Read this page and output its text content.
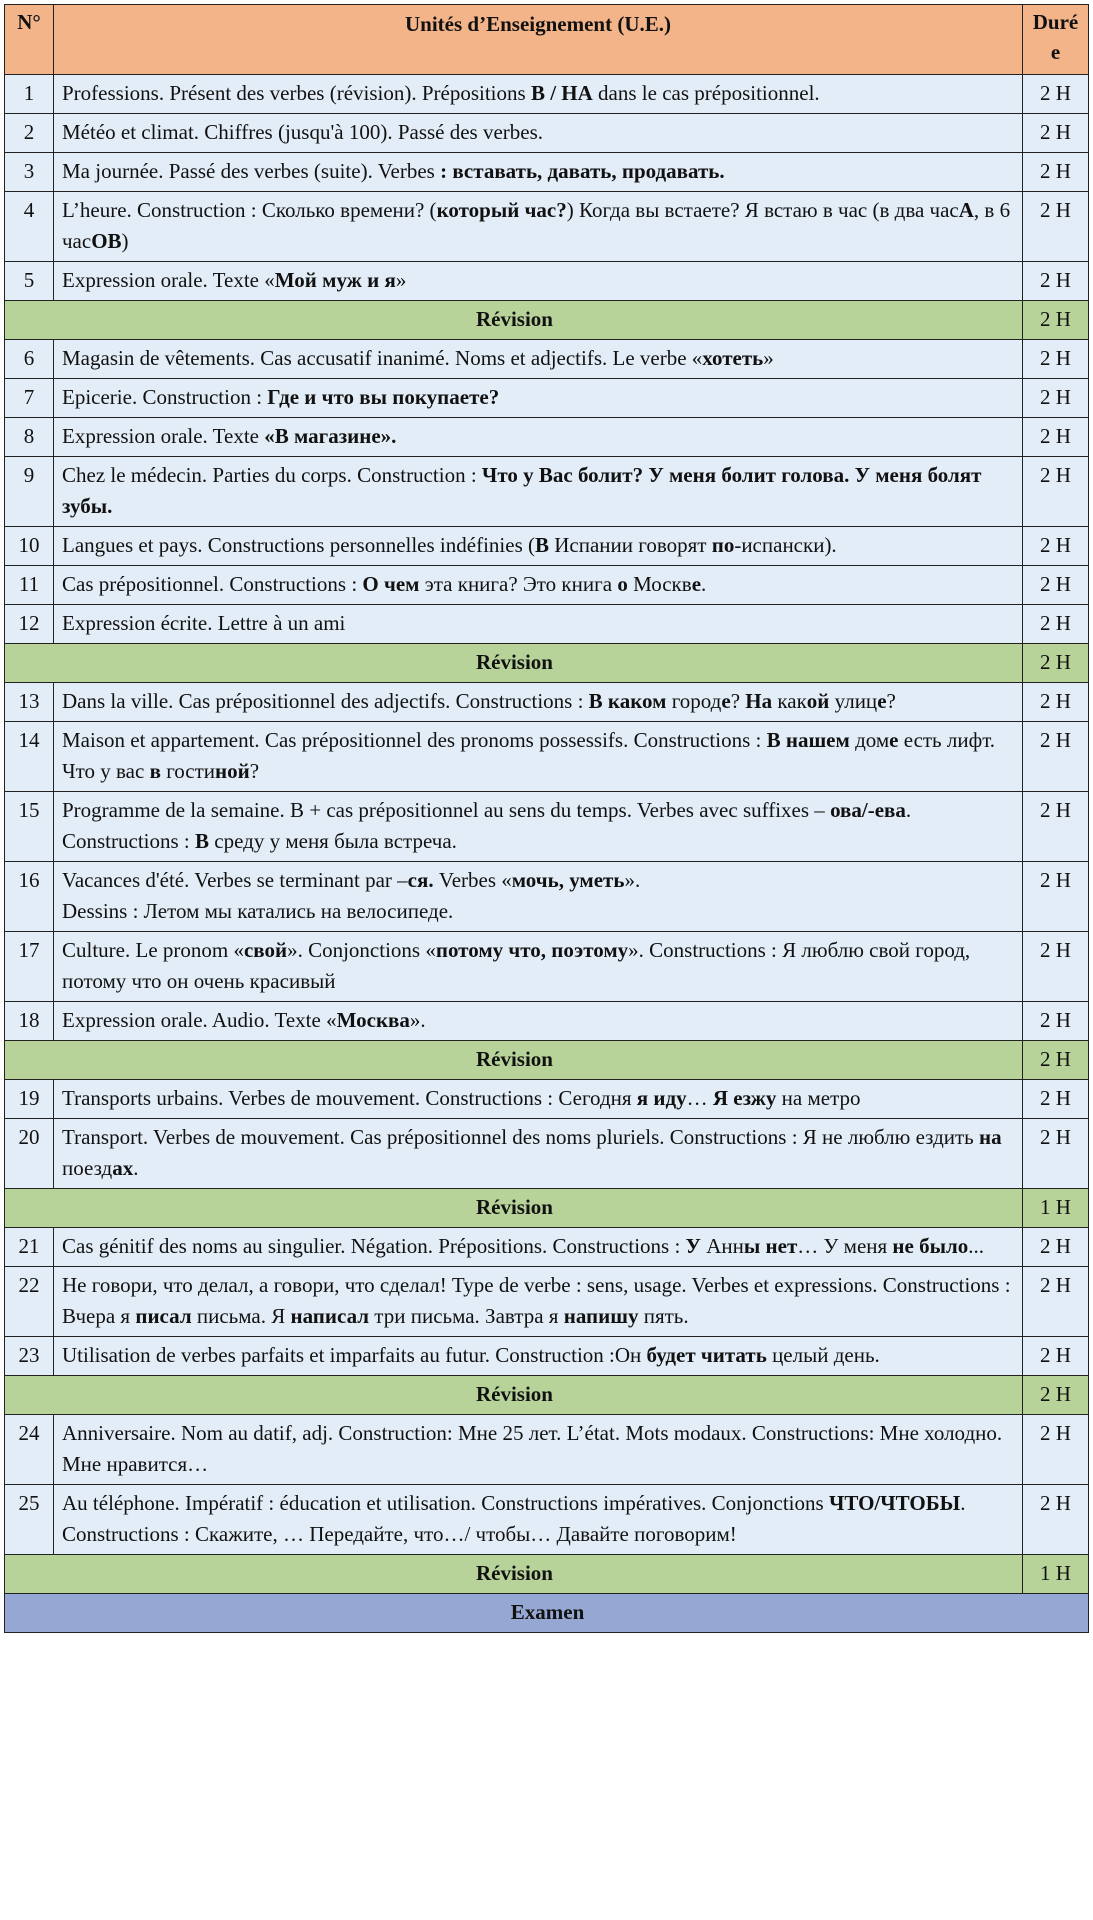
N°	Unités d’Enseignement (U.E.)	Durée
1	Professions. Présent des verbes (révision). Prépositions В / НА dans le cas prépositionnel.	2 H
2	Météo et climat. Chiffres (jusqu'à 100). Passé des verbes.	2 H
3	Ma journée. Passé des verbes (suite). Verbes : вставать, давать, продавать.	2 H
4	L’heure. Construction : Сколько времени? (который час?) Когда вы встаете? Я встаю в час (в два часА, в 6 часОВ)	2 H
5	Expression orale. Texte «Мой муж и я»	2 H
Révision		2 H
6	Magasin de vêtements. Cas accusatif inanimé. Noms et adjectifs. Le verbe «хотеть»	2 H
7	Epicerie. Construction : Где и что вы покупаете?	2 H
8	Expression orale. Texte «В магазине».	2 H
9	Chez le médecin. Parties du corps. Construction : Что у Вас болит? У меня болит голова. У меня болят зубы.	2 H
10	Langues et pays. Constructions personnelles indéfinies (В Испании говорят по-испански).	2 H
11	Cas prépositionnel. Constructions : О чем эта книга? Это книга о Москве.	2 H
12	Expression écrite. Lettre à un ami	2 H
Révision		2 H
13	Dans la ville. Cas prépositionnel des adjectifs. Constructions : В каком городе? На какой улице?	2 H
14	Maison et appartement. Cas prépositionnel des pronoms possessifs. Constructions : В нашем доме есть лифт. Что у вас в гостиной?	2 H
15	Programme de la semaine. В + cas prépositionnel au sens du temps. Verbes avec suffixes – ова/-ева. Constructions : В среду у меня была встреча.	2 H
16	Vacances d'été. Verbes se terminant par –ся. Verbes «мочь, уметь».
Dessins : Летом мы катались на велосипеде.	2 H
17	Culture. Le pronom «свой». Conjonctions «потому что, поэтому». Constructions : Я люблю свой город, потому что он очень красивый	2 H
18	Expression orale. Audio. Texte «Москва».	2 H
Révision		2 H
19	Transports urbains. Verbes de mouvement. Constructions : Сегодня я иду… Я езжу на метро	2 H
20	Transport. Verbes de mouvement. Cas prépositionnel des noms pluriels. Constructions : Я не люблю ездить на поездах.	2 H
Révision		1 H
21	Cas génitif des noms au singulier. Négation. Prépositions. Constructions : У Анны нет… У меня не было...	2 H
22	Не говори, что делал, а говори, что сделал! Type de verbe : sens, usage. Verbes et expressions. Constructions : Вчера я писал письма. Я написал три письма. Завтра я напишу пять.	2 H
23	Utilisation de verbes parfaits et imparfaits au futur. Construction :Он будет читать целый день.	2 H
Révision		2 H
24	Anniversaire. Nom au datif, adj. Construction: Мне 25 лет. L’état. Mots modaux. Constructions: Мне холодно. Мне нравится…	2 H
25	Au téléphone. Impératif : éducation et utilisation. Constructions impératives. Conjonctions ЧТО/ЧТОБЫ. Constructions : Скажите, … Передайте, что…/ чтобы… Давайте поговорим!	2 H
Révision		1 H
Examen		
